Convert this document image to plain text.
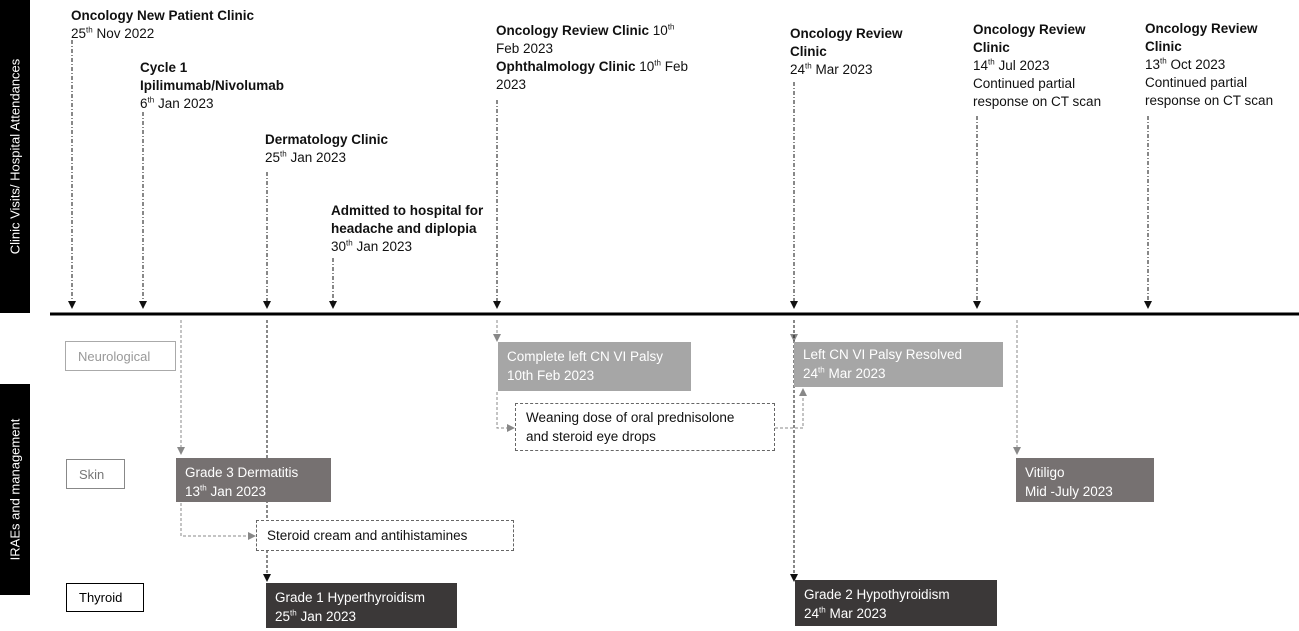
Clinic Visits/ Hospital Attendances
IRAEs and management
Oncology New Patient Clinic
25th Nov 2022
Cycle 1
Ipilimumab/Nivolumab
6th Jan 2023
Dermatology Clinic
25th Jan 2023
Admitted to hospital for
headache and diplopia
30th Jan 2023
Oncology Review Clinic 10th
Feb 2023
Ophthalmology Clinic 10th Feb
2023
Oncology Review
Clinic
24th Mar 2023
Oncology Review
Clinic
14th Jul 2023
Continued partial
response on CT scan
Oncology Review
Clinic
13th Oct 2023
Continued partial
response on CT scan
Neurological
Skin
Thyroid
Complete left CN VI Palsy
10th Feb 2023
Left CN VI Palsy Resolved
24th Mar 2023
Weaning dose of oral prednisolone
and steroid eye drops
Grade 3 Dermatitis
13th Jan 2023
Vitiligo
Mid -July 2023
Steroid cream and antihistamines
Grade 1 Hyperthyroidism
25th Jan 2023
Grade 2 Hypothyroidism
24th Mar 2023
